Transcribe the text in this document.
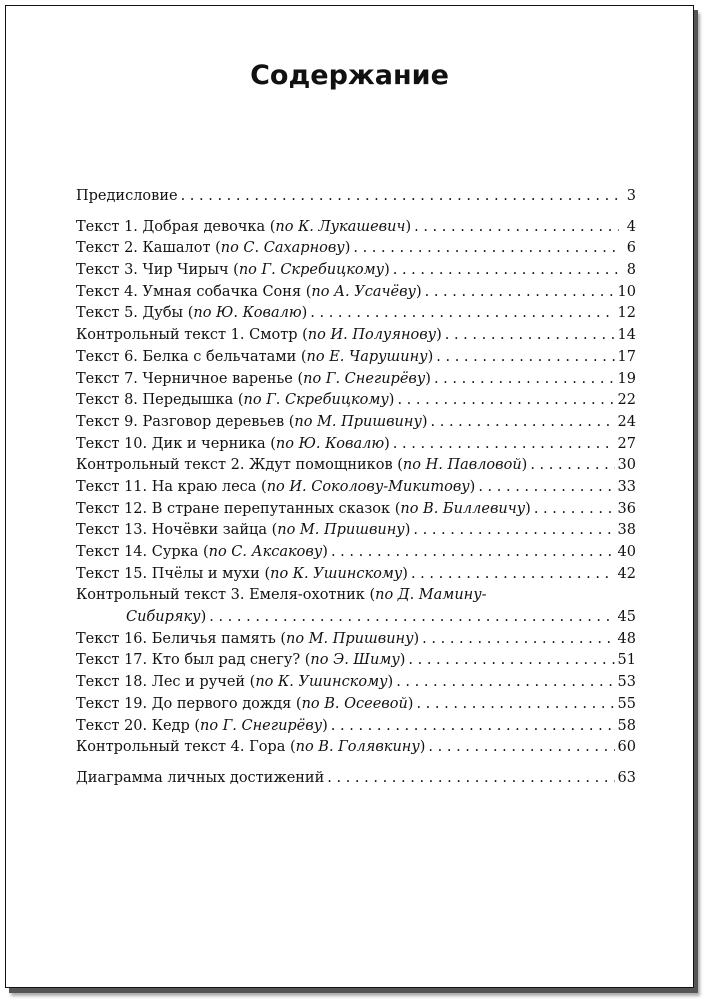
Содержание
Предисловие . . .	3
Текст 1. Добрая девочка (по К. Лукашевич) . . .	4
Текст 2. Кашалот (по С. Сахарнову) . . .	6
Текст 3. Чир Чирыч (по Г. Скребицкому) . . .	8
Текст 4. Умная собачка Соня (по А. Усачёву) . . .	10
Текст 5. Дубы (по Ю. Ковалю) . . .	12
Контрольный текст 1. Смотр (по И. Полуянову) . . .	14
Текст 6. Белка с бельчатами (по Е. Чарушину) . . .	17
Текст 7. Черничное варенье (по Г. Снегирёву) . . .	19
Текст 8. Передышка (по Г. Скребицкому) . . .	22
Текст 9. Разговор деревьев (по М. Пришвину) . . .	24
Текст 10. Дик и черника (по Ю. Ковалю) . . .	27
Контрольный текст 2. Ждут помощников (по Н. Павловой) . . .	30
Текст 11. На краю леса (по И. Соколову-Микитову) . . .	33
Текст 12. В стране перепутанных сказок (по В. Биллевичу) . . .	36
Текст 13. Ночёвки зайца (по М. Пришвину) . . .	38
Текст 14. Сурка (по С. Аксакову) . . .	40
Текст 15. Пчёлы и мухи (по К. Ушинскому) . . .	42
Контрольный текст 3. Емеля-охотник (по Д. Мамину-
Сибиряку) . . .	45
Текст 16. Беличья память (по М. Пришвину) . . .	48
Текст 17. Кто был рад снегу? (по Э. Шиму) . . .	51
Текст 18. Лес и ручей (по К. Ушинскому) . . .	53
Текст 19. До первого дождя (по В. Осеевой) . . .	55
Текст 20. Кедр (по Г. Снегирёву) . . .	58
Контрольный текст 4. Гора (по В. Голявкину) . . .	60
Диаграмма личных достижений . . .	63
